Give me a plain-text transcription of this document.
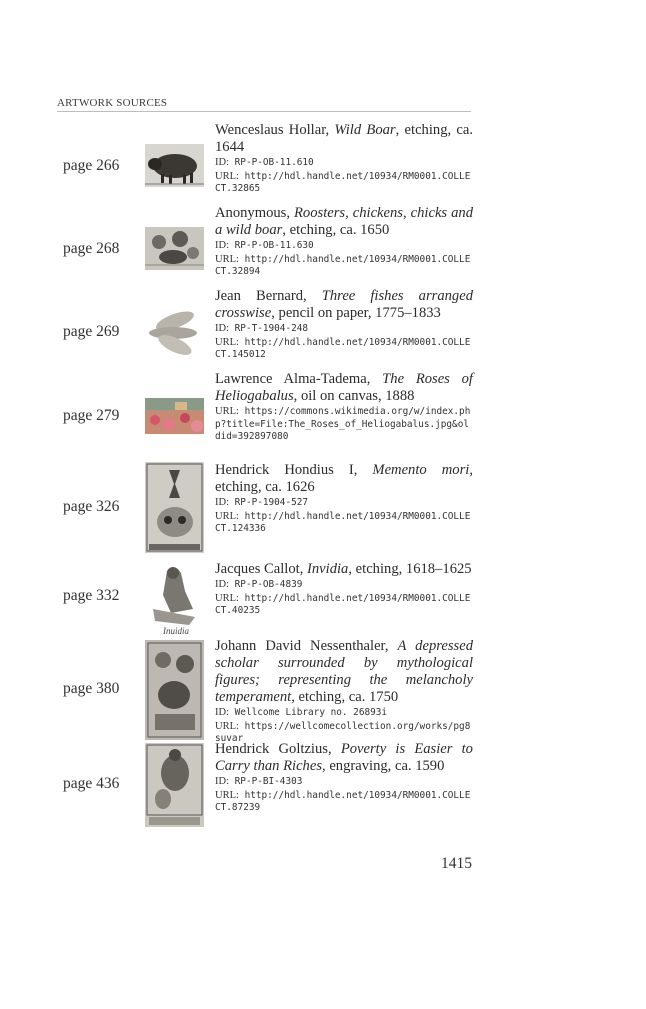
ARTWORK SOURCES
page 266
Wenceslaus Hollar, Wild Boar, etching, ca. 1644
ID: RP-P-OB-11.610
URL: http://hdl.handle.net/10934/RM0001.COLLECT.32865
page 268
Anonymous, Roosters, chickens, chicks and a wild boar, etching, ca. 1650
ID: RP-P-OB-11.630
URL: http://hdl.handle.net/10934/RM0001.COLLECT.32894
page 269
Jean Bernard, Three fishes arranged crosswise, pencil on paper, 1775–1833
ID: RP-T-1904-248
URL: http://hdl.handle.net/10934/RM0001.COLLECT.145012
page 279
Lawrence Alma-Tadema, The Roses of Heliogabalus, oil on canvas, 1888
URL: https://commons.wikimedia.org/w/index.php?title=File:The_Roses_of_Heliogabalus.jpg&oldid=392897080
page 326
Hendrick Hondius I, Memento mori, etching, ca. 1626
ID: RP-P-1904-527
URL: http://hdl.handle.net/10934/RM0001.COLLECT.124336
page 332
Inuidia
Jacques Callot, Invidia, etching, 1618–1625
ID: RP-P-OB-4839
URL: http://hdl.handle.net/10934/RM0001.COLLECT.40235
page 380
Johann David Nessenthaler, A depressed scholar surrounded by mythological figures; representing the melancholy temperament, etching, ca. 1750
ID: Wellcome Library no. 26893i
URL: https://wellcomecollection.org/works/pg8suvar
page 436
Hendrick Goltzius, Poverty is Easier to Carry than Riches, engraving, ca. 1590
ID: RP-P-BI-4303
URL: http://hdl.handle.net/10934/RM0001.COLLECT.87239
1415
